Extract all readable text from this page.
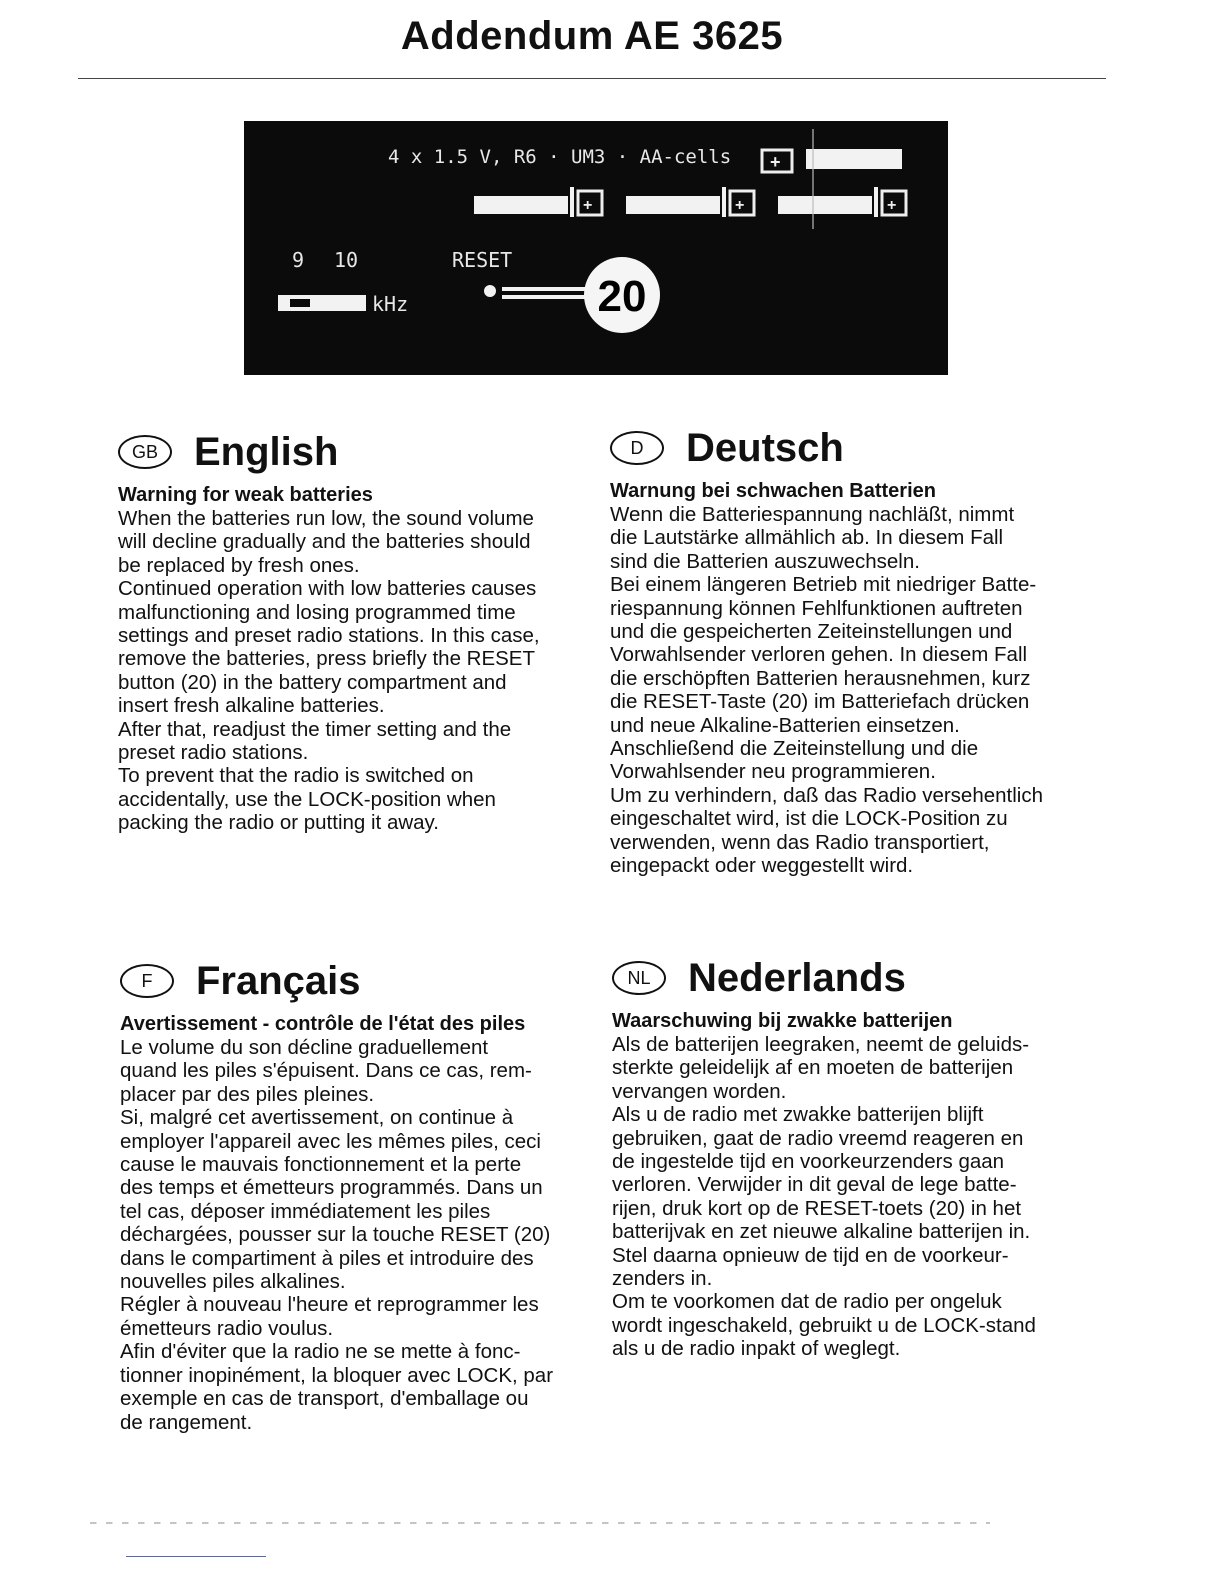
Addendum AE 3625
4 x 1.5 V, R6 · UM3 · AA-cells +
+	+	+
9 10
kHz
RESET
20
GB English
Warning for weak batteries
When the batteries run low, the sound volume
will decline gradually and the batteries should
be replaced by fresh ones.
Continued operation with low batteries causes
malfunctioning and losing programmed time
settings and preset radio stations. In this case,
remove the batteries, press briefly the RESET
button (20) in the battery compartment and
insert fresh alkaline batteries.
After that, readjust the timer setting and the
preset radio stations.
To prevent that the radio is switched on
accidentally, use the LOCK-position when
packing the radio or putting it away.
D	Deutsch
Warnung bei schwachen Batterien
Wenn die Batteriespannung nachläßt, nimmt
die Lautstärke allmählich ab. In diesem Fall
sind die Batterien auszuwechseln.
Bei einem längeren Betrieb mit niedriger Batte-
riespannung können Fehlfunktionen auftreten
und die gespeicherten Zeiteinstellungen und
Vorwahlsender verloren gehen. In diesem Fall
die erschöpften Batterien herausnehmen, kurz
die RESET-Taste (20) im Batteriefach drücken
und neue Alkaline-Batterien einsetzen.
Anschließend die Zeiteinstellung und die
Vorwahlsender neu programmieren.
Um zu verhindern, daß das Radio versehentlich
eingeschaltet wird, ist die LOCK-Position zu
verwenden, wenn das Radio transportiert,
eingepackt oder weggestellt wird.
F	Français
Avertissement - contrôle de l'état des piles
Le volume du son décline graduellement
quand les piles s'épuisent. Dans ce cas, rem-
placer par des piles pleines.
Si, malgré cet avertissement, on continue à
employer l'appareil avec les mêmes piles, ceci
cause le mauvais fonctionnement et la perte
des temps et émetteurs programmés. Dans un
tel cas, déposer immédiatement les piles
déchargées, pousser sur la touche RESET (20)
dans le compartiment à piles et introduire des
nouvelles piles alkalines.
Régler à nouveau l'heure et reprogrammer les
émetteurs radio voulus.
Afin d'éviter que la radio ne se mette à fonc-
tionner inopinément, la bloquer avec LOCK, par
exemple en cas de transport, d'emballage ou
de rangement.
NL Nederlands
Waarschuwing bij zwakke batterijen
Als de batterijen leegraken, neemt de geluids-
sterkte geleidelijk af en moeten de batterijen
vervangen worden.
Als u de radio met zwakke batterijen blijft
gebruiken, gaat de radio vreemd reageren en
de ingestelde tijd en voorkeurzenders gaan
verloren. Verwijder in dit geval de lege batte-
rijen, druk kort op de RESET-toets (20) in het
batterijvak en zet nieuwe alkaline batterijen in.
Stel daarna opnieuw de tijd en de voorkeur-
zenders in.
Om te voorkomen dat de radio per ongeluk
wordt ingeschakeld, gebruikt u de LOCK-stand
als u de radio inpakt of weglegt.
